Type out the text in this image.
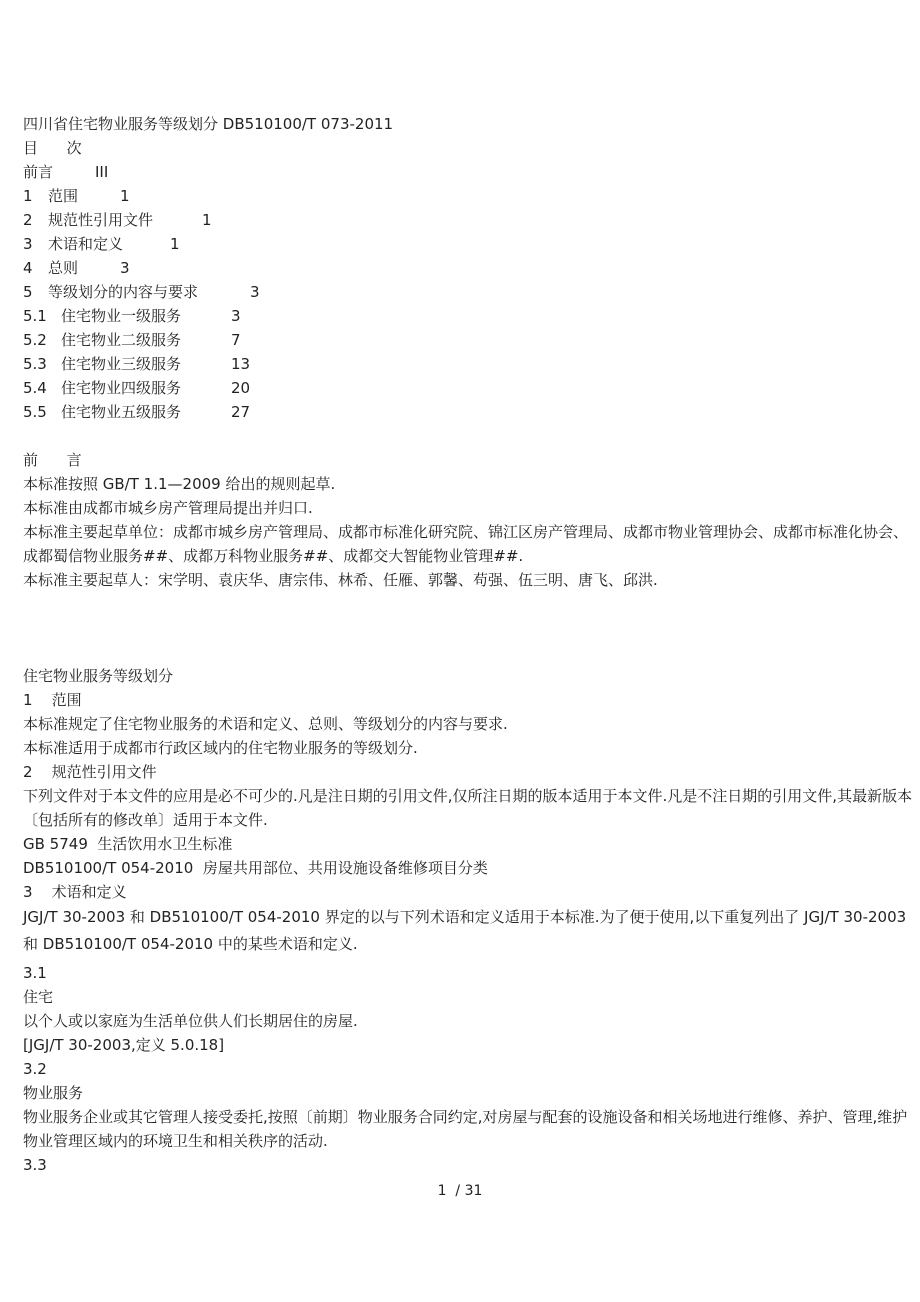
四川省住宅物业服务等级划分 DB510100/T 073-2011
目      次
前言	III
1	范围	1
2	规范性引用文件	1
3	术语和定义	1
4	总则	3
5	等级划分的内容与要求	3
5.1 住宅物业一级服务	3
5.2 住宅物业二级服务	7
5.3 住宅物业三级服务	13
5.4 住宅物业四级服务	20
5.5 住宅物业五级服务	27
前      言
本标准按照 GB/T 1.1—2009 给出的规则起草.
本标准由成都市城乡房产管理局提出并归口.
本标准主要起草单位：成都市城乡房产管理局、成都市标准化研究院、锦江区房产管理局、成都市物业管理协会、成都市标准化协会、成都蜀信物业服务##、成都万科物业服务##、成都交大智能物业管理##.
本标准主要起草人：宋学明、袁庆华、唐宗伟、林希、任雁、郭馨、苟强、伍三明、唐飞、邱洪.
住宅物业服务等级划分
1    范围
本标准规定了住宅物业服务的术语和定义、总则、等级划分的内容与要求.
本标准适用于成都市行政区域内的住宅物业服务的等级划分.
2    规范性引用文件
下列文件对于本文件的应用是必不可少的.凡是注日期的引用文件,仅所注日期的版本适用于本文件.凡是不注日期的引用文件,其最新版本〔包括所有的修改单〕适用于本文件.
GB 5749  生活饮用水卫生标准
DB510100/T 054-2010  房屋共用部位、共用设施设备维修项目分类
3    术语和定义
JGJ/T 30-2003 和 DB510100/T 054-2010 界定的以与下列术语和定义适用于本标准.为了便于使用,以下重复列出了 JGJ/T 30-2003 和 DB510100/T 054-2010 中的某些术语和定义.
3.1
住宅
以个人或以家庭为生活单位供人们长期居住的房屋.
[JGJ/T 30-2003,定义 5.0.18]
3.2
物业服务
物业服务企业或其它管理人接受委托,按照〔前期〕物业服务合同约定,对房屋与配套的设施设备和相关场地进行维修、养护、管理,维护物业管理区域内的环境卫生和相关秩序的活动.
3.3
1  / 31
